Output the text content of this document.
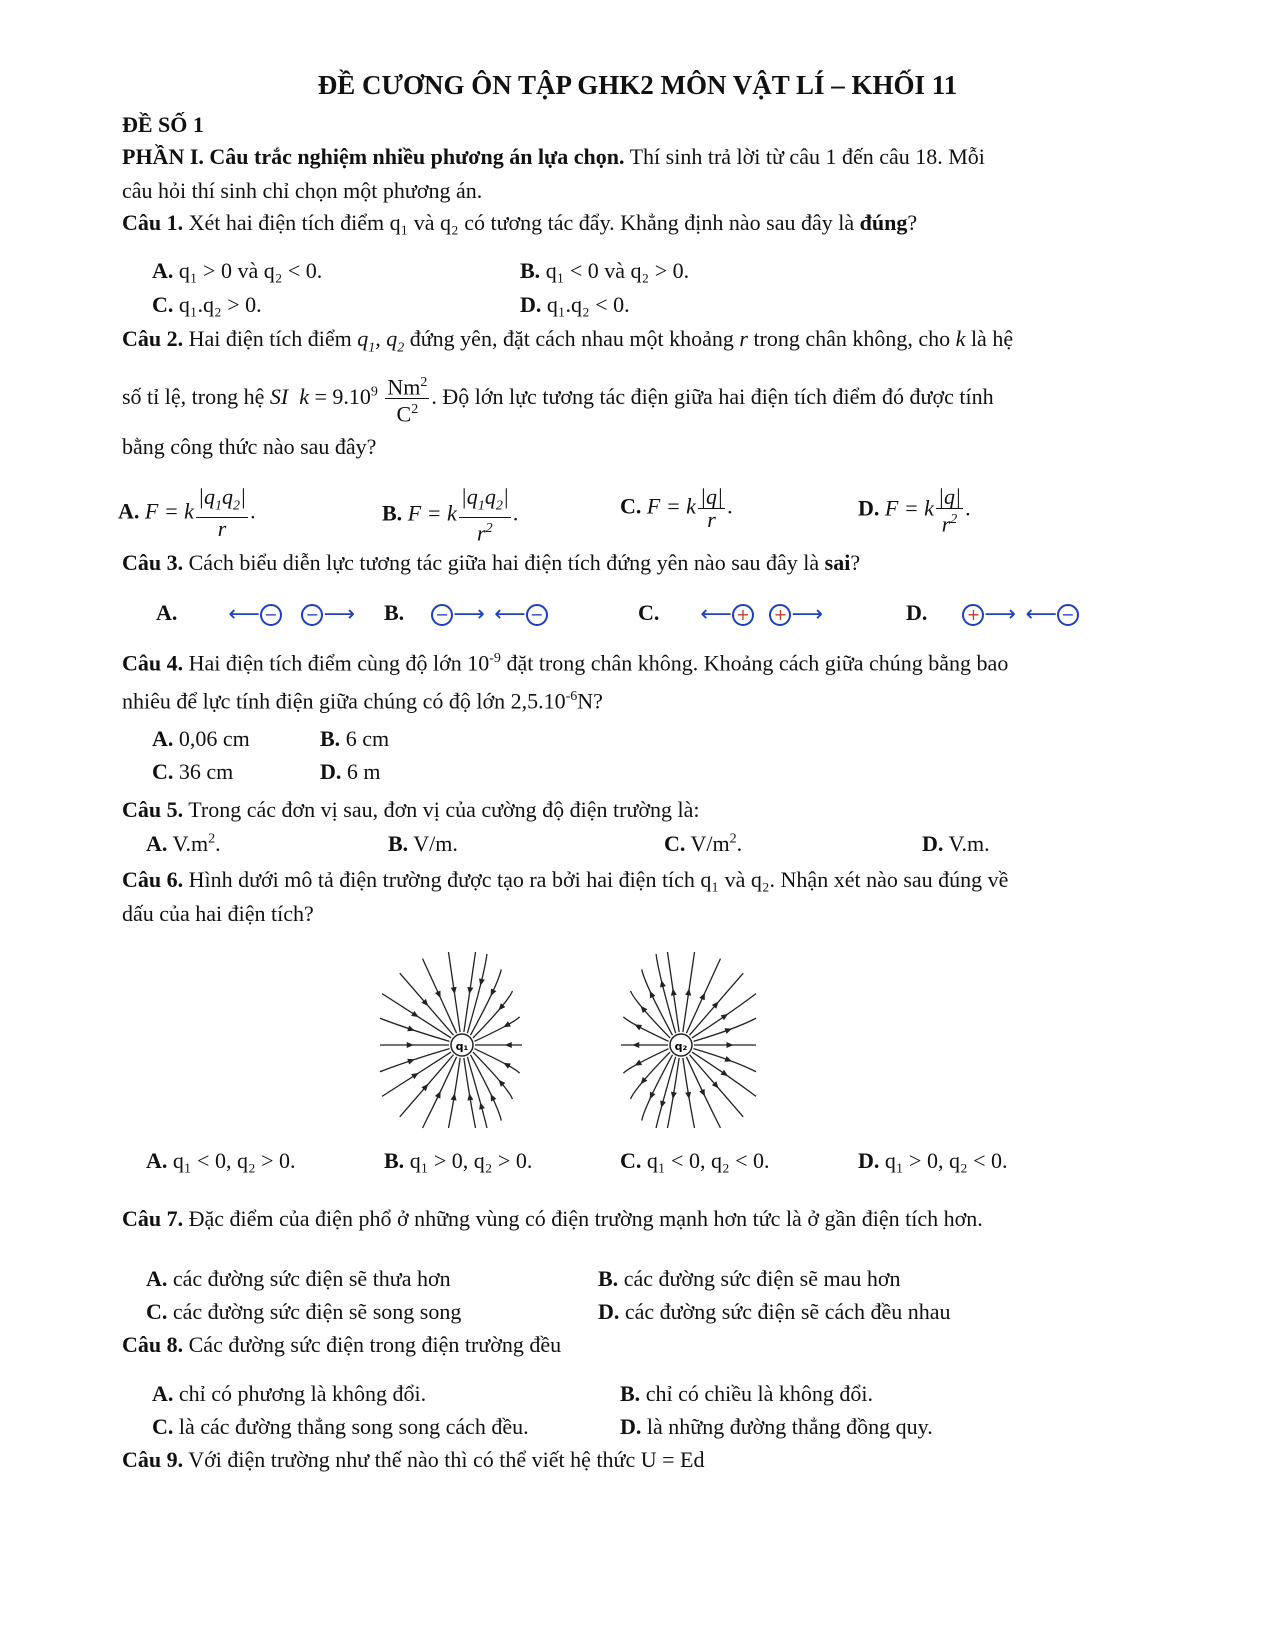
ĐỀ CƯƠNG ÔN TẬP GHK2 MÔN VẬT LÍ – KHỐI 11
ĐỀ SỐ 1
PHẦN I. Câu trắc nghiệm nhiều phương án lựa chọn. Thí sinh trả lời từ câu 1 đến câu 18. Mỗi
câu hỏi thí sinh chỉ chọn một phương án.
Câu 1. Xét hai điện tích điểm q₁ và q₂ có tương tác đẩy. Khẳng định nào sau đây là đúng?
A. q₁ > 0 và q₂ < 0.	B. q₁ < 0 và q₂ > 0.
C. q₁.q₂ > 0.	D. q₁.q₂ < 0.
Câu 2. Hai điện tích điểm $q_1$, $q_2$ đứng yên, đặt cách nhau một khoảng r trong chân không, cho k là hệ
số tỉ lệ, trong hệ SI  $k = 9.10^9 \frac{Nm^2}{C^2}$ . Độ lớn lực tương tác điện giữa hai điện tích điểm đó được tính
bằng công thức nào sau đây?
A. F = k $\frac{|q_1q_2|}{r}$ .	B. F = k $\frac{|q_1q_2|}{r^2}$ .	C. F = k $\frac{|q|}{r}$ .	D. F = k $\frac{|q|}{r^2}$ .
Câu 3. Cách biểu diễn lực tương tác giữa hai điện tích đứng yên nào sau đây là sai?
A. ⟵ − − ⟶ B. − ⟶ ⟵ −	C. ⟵ + + ⟶	D. + ⟶ ⟵ −
Câu 4. Hai điện tích điểm cùng độ lớn $10^{-9}$ đặt trong chân không. Khoảng cách giữa chúng bằng bao
nhiêu để lực tính điện giữa chúng có độ lớn $2,5.10^{-6}N$?
A. 0,06 cm	B. 6 cm
C. 36 cm	D. 6 m
Câu 5. Trong các đơn vị sau, đơn vị của cường độ điện trường là:
A. $V.m^2$.	B. V/m.	C. $V/m^2$.	D. V.m.
Câu 6. Hình dưới mô tả điện trường được tạo ra bởi hai điện tích q₁ và q₂. Nhận xét nào sau đúng về
dấu của hai điện tích?
q₁	q₂
A. q₁ < 0, q₂ > 0.	B. q₁ > 0, q₂ > 0.	C. q₁ < 0, q₂ < 0.	D. q₁ > 0, q₂ < 0.
Câu 7. Đặc điểm của điện phổ ở những vùng có điện trường mạnh hơn tức là ở gần điện tích hơn.
A. các đường sức điện sẽ thưa hơn	B. các đường sức điện sẽ mau hơn
C. các đường sức điện sẽ song song	D. các đường sức điện sẽ cách đều nhau
Câu 8. Các đường sức điện trong điện trường đều
A. chỉ có phương là không đổi.	B. chỉ có chiều là không đổi.
C. là các đường thẳng song song cách đều.	D. là những đường thẳng đồng quy.
Câu 9. Với điện trường như thế nào thì có thể viết hệ thức U = Ed
